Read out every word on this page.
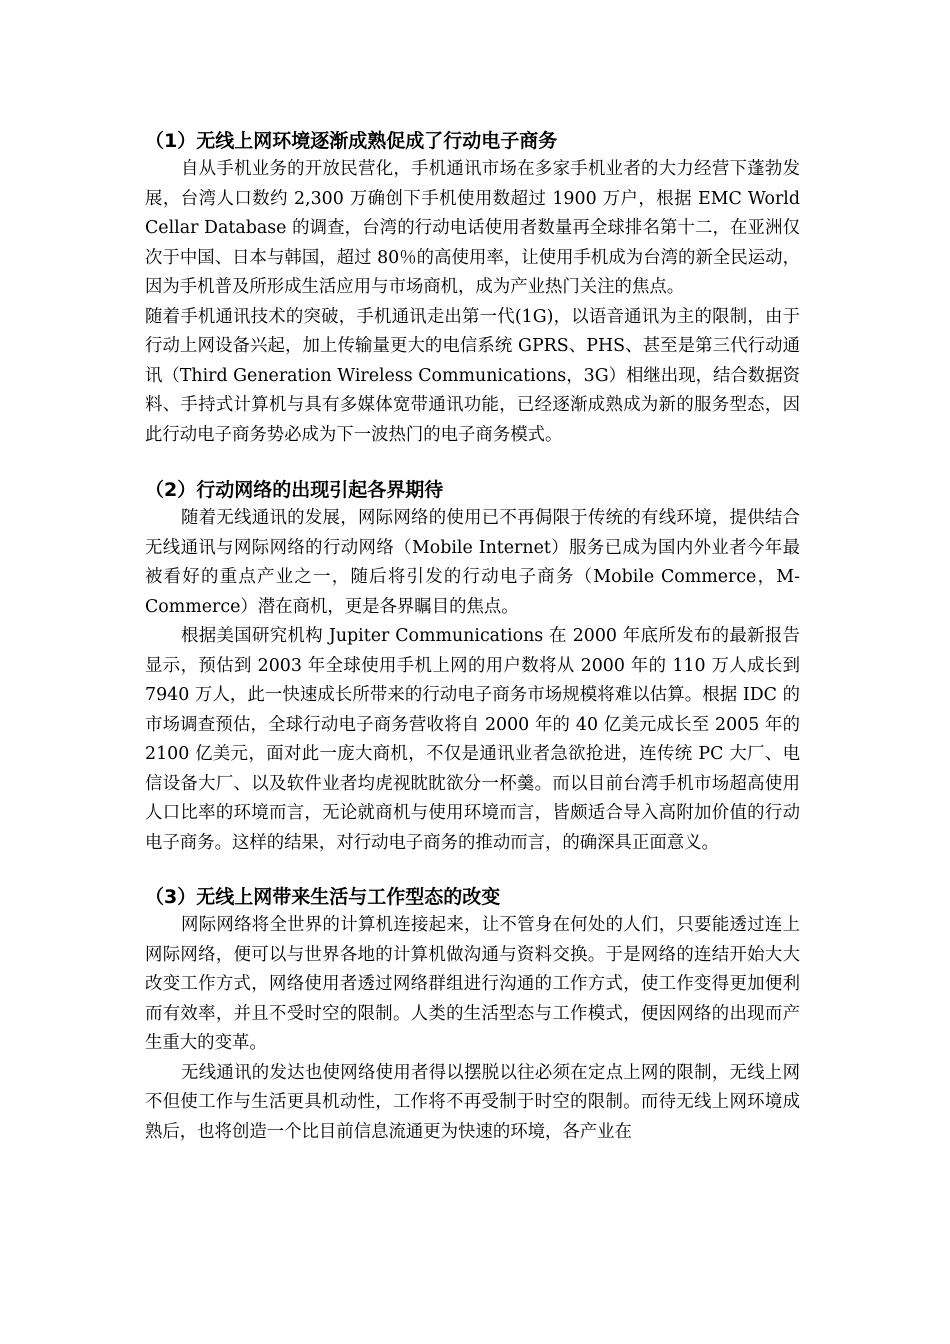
（1）无线上网环境逐渐成熟促成了行动电子商务

自从手机业务的开放民营化，手机通讯市场在多家手机业者的大力经营下蓬勃发展，台湾人口数约 2,300 万确创下手机使用数超过 1900 万户，根据 EMC World Cellar Database 的调查，台湾的行动电话使用者数量再全球排名第十二，在亚洲仅次于中国、日本与韩国，超过 80％的高使用率，让使用手机成为台湾的新全民运动，因为手机普及所形成生活应用与市场商机，成为产业热门关注的焦点。

随着手机通讯技术的突破，手机通讯走出第一代(1G)，以语音通讯为主的限制，由于行动上网设备兴起，加上传输量更大的电信系统 GPRS、PHS、甚至是第三代行动通讯（Third Generation Wireless Communications，3G）相继出现，结合数据资料、手持式计算机与具有多媒体宽带通讯功能，已经逐渐成熟成为新的服务型态，因此行动电子商务势必成为下一波热门的电子商务模式。

（2）行动网络的出现引起各界期待

随着无线通讯的发展，网际网络的使用已不再侷限于传统的有线环境，提供结合无线通讯与网际网络的行动网络（Mobile Internet）服务已成为国内外业者今年最被看好的重点产业之一，随后将引发的行动电子商务（Mobile Commerce，M-Commerce）潜在商机，更是各界瞩目的焦点。

根据美国研究机构 Jupiter Communications 在 2000 年底所发布的最新报告显示，预估到 2003 年全球使用手机上网的用户数将从 2000 年的 110 万人成长到 7940 万人，此一快速成长所带来的行动电子商务市场规模将难以估算。根据 IDC 的市场调查预估，全球行动电子商务营收将自 2000 年的 40 亿美元成长至 2005 年的 2100 亿美元，面对此一庞大商机，不仅是通讯业者急欲抢进，连传统 PC 大厂、电信设备大厂、以及软件业者均虎视眈眈欲分一杯羹。而以目前台湾手机市场超高使用人口比率的环境而言，无论就商机与使用环境而言，皆颇适合导入高附加价值的行动电子商务。这样的结果，对行动电子商务的推动而言，的确深具正面意义。

（3）无线上网带来生活与工作型态的改变

网际网络将全世界的计算机连接起来，让不管身在何处的人们，只要能透过连上网际网络，便可以与世界各地的计算机做沟通与资料交换。于是网络的连结开始大大改变工作方式，网络使用者透过网络群组进行沟通的工作方式，使工作变得更加便利而有效率，并且不受时空的限制。人类的生活型态与工作模式，便因网络的出现而产生重大的变革。

无线通讯的发达也使网络使用者得以摆脱以往必须在定点上网的限制，无线上网不但使工作与生活更具机动性，工作将不再受制于时空的限制。而待无线上网环境成熟后，也将创造一个比目前信息流通更为快速的环境，各产业在
